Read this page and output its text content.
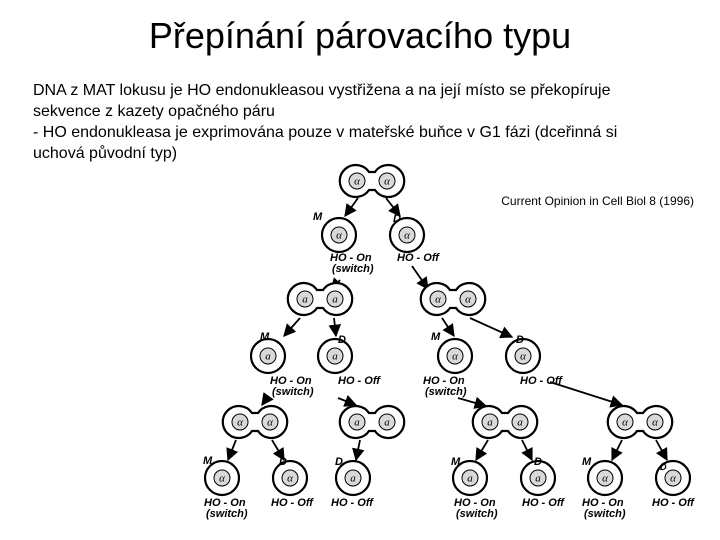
Přepínání párovacího typu
DNA z MAT lokusu je HO endonukleasou vystřižena a na její místo se překopíruje
sekvence z kazety opačného páru
- HO endonukleasa je exprimována pouze v mateřské buňce v G1 fázi (dceřinná si
uchová původní typ)
α α
α	α
a a	α α
a	a	α	α
α α	a a	a a	α α
α	α	a	a	a	α	α
M	D
HO - On
(switch)
HO - Off
M
HO - On
(switch)
D
HO - Off
M
HO - On
(switch)
D
HO - Off
M
HO - On
(switch)
D
HO - Off
D
HO - Off
M
HO - On
(switch)
D
HO - Off
M
HO - On
(switch)
D
HO - Off
Current Opinion in Cell Biol 8 (1996)
